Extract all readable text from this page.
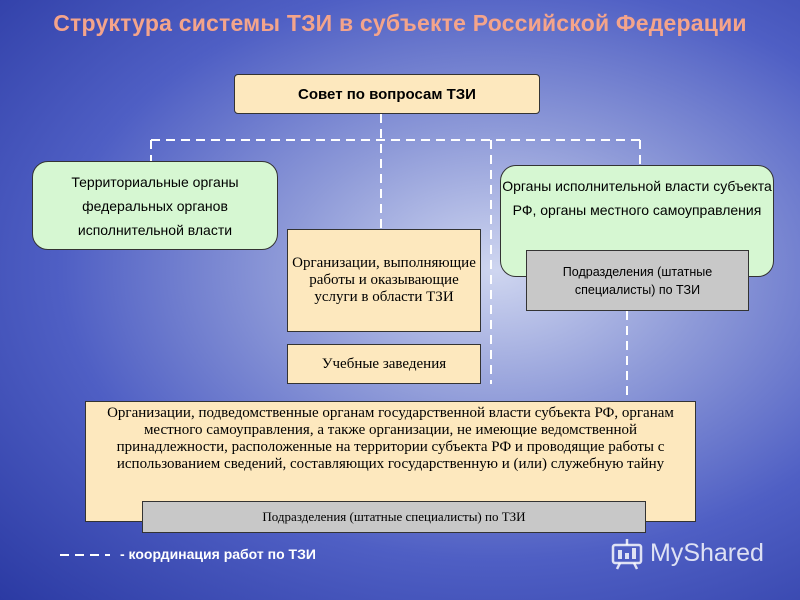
Структура системы ТЗИ в субъекте Российской Федерации
Совет по вопросам ТЗИ
Территориальные органы федеральных органов исполнительной власти
Органы исполнительной власти субъекта РФ, органы местного самоуправления
Подразделения (штатные специалисты) по ТЗИ
Организации, выполняющие работы и оказывающие услуги в области ТЗИ
Учебные заведения
Организации, подведомственные органам государственной власти субъекта РФ, органам местного самоуправления, а также организации, не имеющие ведомственной принадлежности, расположенные на территории субъекта РФ и проводящие работы с использованием сведений, составляющих государственную и (или) служебную тайну
Подразделения (штатные специалисты) по ТЗИ
- координация работ по ТЗИ	MyShared
